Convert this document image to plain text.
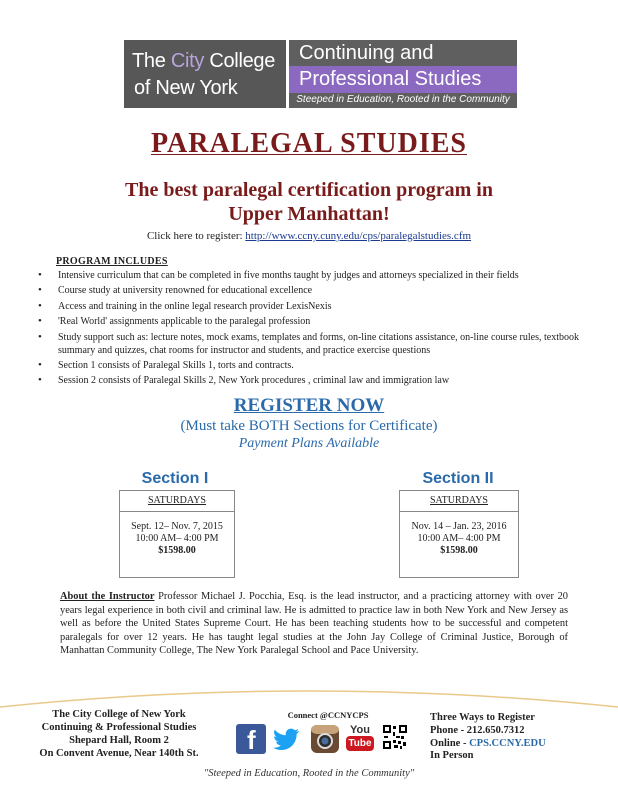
The City College
of New York
Continuing and
Professional Studies
Steeped in Education, Rooted in the Community
PARALEGAL STUDIES
The best paralegal certification program in
Upper Manhattan!
Click here to register: http://www.ccny.cuny.edu/cps/paralegalstudies.cfm
PROGRAM INCLUDES
• Intensive curriculum that can be completed in five months taught by judges and attorneys specialized in their fields
• Course study at university renowned for educational excellence
• Access and training in the online legal research provider LexisNexis
• 'Real World' assignments applicable to the paralegal profession
• Study support such as: lecture notes, mock exams, templates and forms, on-line citations assistance, on-line course rules, textbook summary and quizzes, chat rooms for instructor and students, and practice exercise questions
• Section 1 consists of Paralegal Skills 1, torts and contracts.
• Session 2 consists of Paralegal Skills 2, New York procedures , criminal law and immigration law
REGISTER NOW
(Must take BOTH Sections for Certificate)
Payment Plans Available
Section I
SATURDAYS
Sept. 12– Nov. 7, 2015
10:00 AM– 4:00 PM
$1598.00
Section II
SATURDAYS
Nov. 14 – Jan. 23, 2016
10:00 AM– 4:00 PM
$1598.00
About the Instructor Professor Michael J. Pocchia, Esq. is the lead instructor, and a practicing attorney with over 20 years legal experience in both civil and criminal law. He is admitted to practice law in both New York and New Jersey as well as before the United States Supreme Court. He has been teaching students how to be successful and competent paralegals for over 12 years. He has taught legal studies at the John Jay College of Criminal Justice, Borough of Manhattan Community College, The New York Paralegal School and Pace University.
The City College of New York
Continuing & Professional Studies
Shepard Hall, Room 2
On Convent Avenue, Near 140th St.
Connect @CCNYCPS
f	You
Tube
Three Ways to Register
Phone - 212.650.7312
Online - CPS.CCNY.EDU
In Person
"Steeped in Education, Rooted in the Community"
